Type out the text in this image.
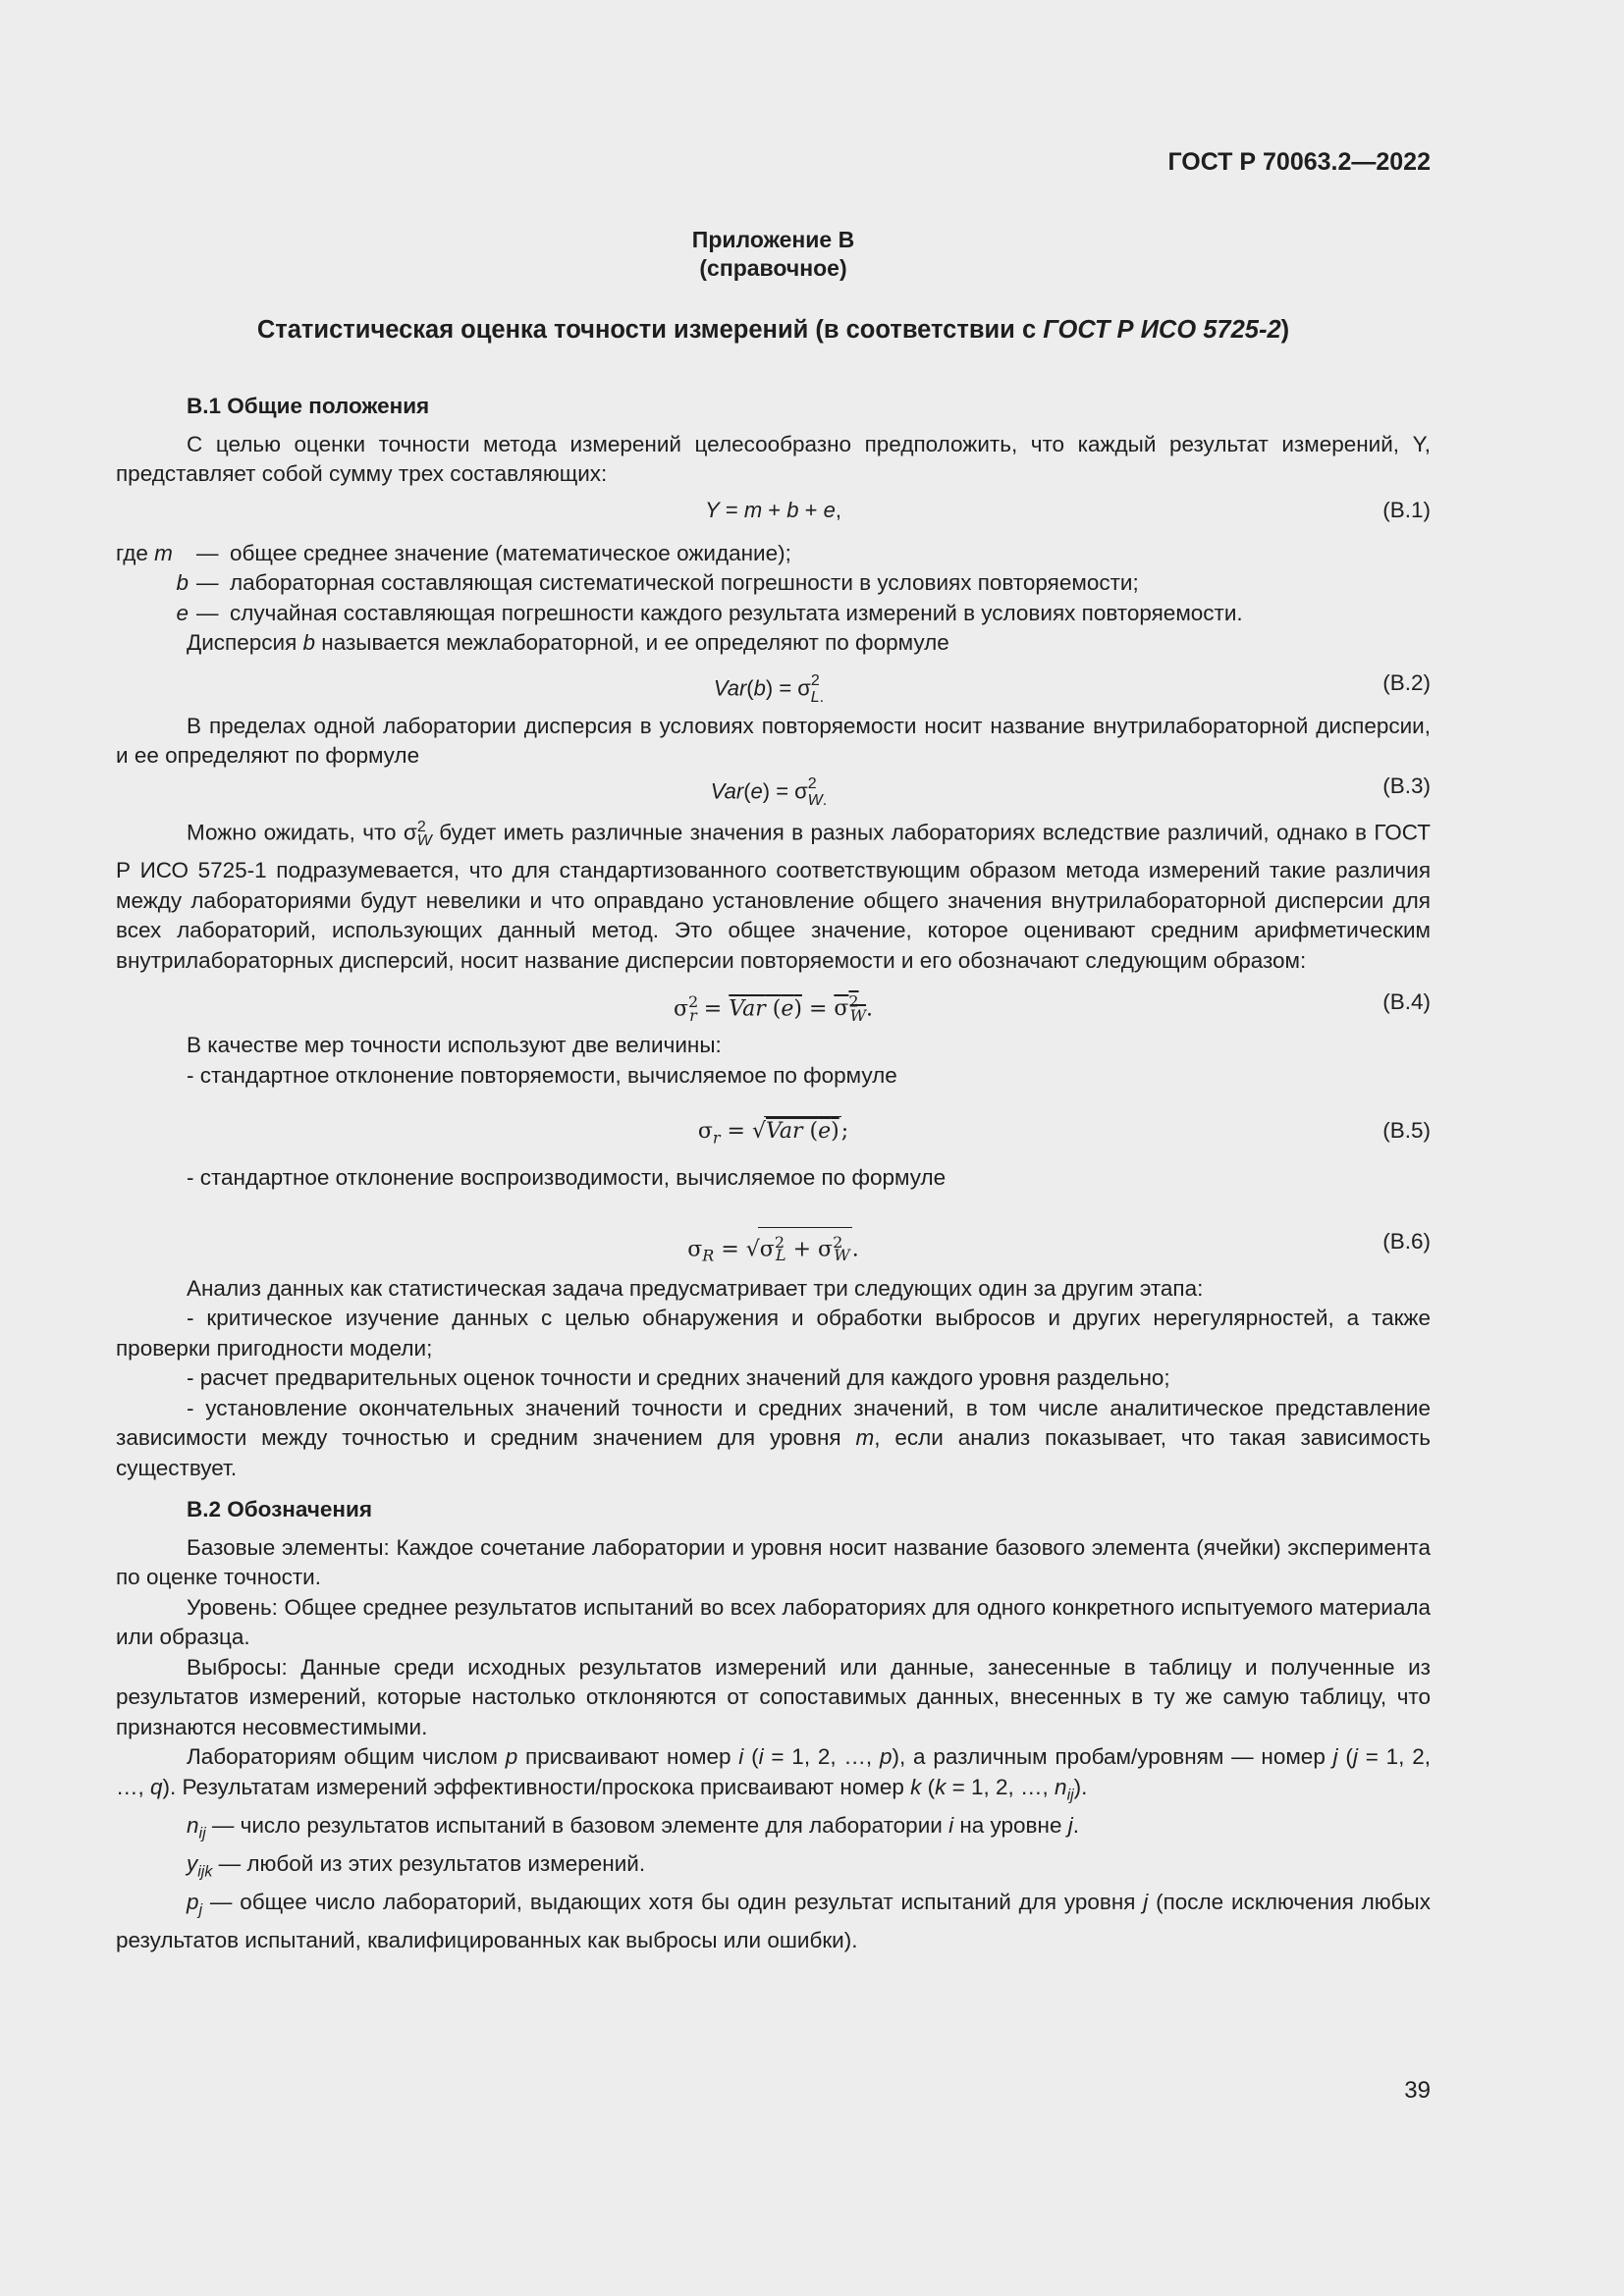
ГОСТ Р 70063.2—2022
Приложение В
(справочное)
Статистическая оценка точности измерений (в соответствии с ГОСТ Р ИСО 5725-2)

В.1 Общие положения

С целью оценки точности метода измерений целесообразно предположить, что каждый результат измерений, Y, представляет собой сумму трех составляющих:

Y = m + b + e,	(В.1)
где m	— общее среднее значение (математическое ожидание);
b — лабораторная составляющая систематической погрешности в условиях повторяемости;
e — случайная составляющая погрешности каждого результата измерений в условиях повторяемости.

Дисперсия b называется межлабораторной, и ее определяют по формуле

$Var(b) = \sigma^2_{L.}$
(В.2)

В пределах одной лаборатории дисперсия в условиях повторяемости носит название внутрилабораторной дисперсии, и ее определяют по формуле

$Var(e) = \sigma^2_{W.}$
(В.3)

Можно ожидать, что $\sigma^2_W$ будет иметь различные значения в разных лабораториях вследствие различий, однако в ГОСТ Р ИСО 5725-1 подразумевается, что для стандартизованного соответствующим образом метода измерений такие различия между лабораториями будут невелики и что оправдано установление общего значения внутрилабораторной дисперсии для всех лабораторий, использующих данный метод. Это общее значение, которое оценивают средним арифметическим внутрилабораторных дисперсий, носит название дисперсии повторяемости и его обозначают следующим образом:

$\sigma^2_r$ = Var $(e) = \sigma^2_W$.	(В.4)

В качестве мер точности используют две величины:

- стандартное отклонение повторяемости, вычисляемое по формуле

$\sigma_r = √Var$ (e);	(В.5)

- стандартное отклонение воспроизводимости, вычисляемое по формуле

$\sigma_R = √\sigma^2_L + \sigma^2_W$.	(В.6)

Анализ данных как статистическая задача предусматривает три следующих один за другим этапа:

- критическое изучение данных с целью обнаружения и обработки выбросов и других нерегулярностей, а также проверки пригодности модели;

- расчет предварительных оценок точности и средних значений для каждого уровня раздельно;

- установление окончательных значений точности и средних значений, в том числе аналитическое представление зависимости между точностью и средним значением для уровня m, если анализ показывает, что такая зависимость существует.

В.2 Обозначения

Базовые элементы: Каждое сочетание лаборатории и уровня носит название базового элемента (ячейки) эксперимента по оценке точности.

Уровень: Общее среднее результатов испытаний во всех лабораториях для одного конкретного испытуемого материала или образца.

Выбросы: Данные среди исходных результатов измерений или данные, занесенные в таблицу и полученные из результатов измерений, которые настолько отклоняются от сопоставимых данных, внесенных в ту же самую таблицу, что признаются несовместимыми.

Лабораториям общим числом p присваивают номер i (i = 1, 2, …, p), а различным пробам/уровням — номер j (j = 1, 2, …, q). Результатам измерений эффективности/проскока присваивают номер k (k = 1, 2, …, $n_{ij}$).

$n_{ij}$ — число результатов испытаний в базовом элементе для лаборатории i на уровне j.

$y_{ijk}$ — любой из этих результатов измерений.

$p_j$ — общее число лабораторий, выдающих хотя бы один результат испытаний для уровня j (после исключения любых результатов испытаний, квалифицированных как выбросы или ошибки).

39
